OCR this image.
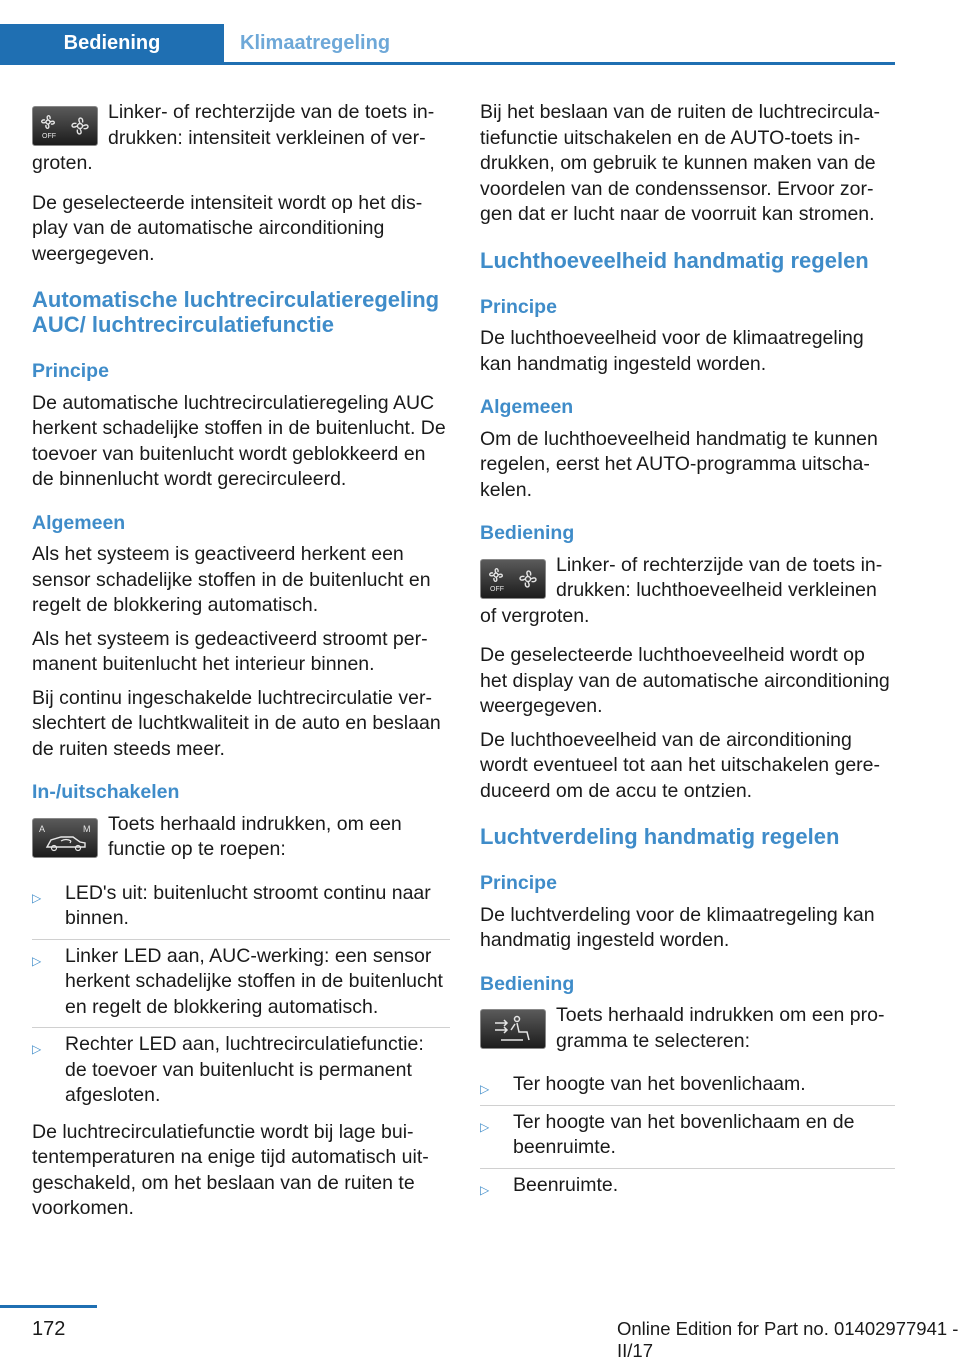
Bediening	Klimaatregeling
OFF

Linker- of rechterzijde van de toets indrukken: intensiteit verkleinen of vergroten.

De geselecteerde intensiteit wordt op het display van de automatische airconditioning weergegeven.

Automatische luchtrecirculatieregeling AUC/ luchtrecirculatiefunctie
Principe

De automatische luchtrecirculatieregeling AUC herkent schadelijke stoffen in de buitenlucht. De toevoer van buitenlucht wordt geblokkeerd en de binnenlucht wordt gerecirculeerd.

Algemeen

Als het systeem is geactiveerd herkent een sensor schadelijke stoffen in de buitenlucht en regelt de blokkering automatisch.

Als het systeem is gedeactiveerd stroomt permanent buitenlucht het interieur binnen.

Bij continu ingeschakelde luchtrecirculatie verslechtert de luchtkwaliteit in de auto en beslaan de ruiten steeds meer.

In-/uitschakelen
A	M Toets herhaald indrukken, om een functie op te roepen:

▷ LED's uit: buitenlucht stroomt continu naar binnen.
▷ Linker LED aan, AUC-werking: een sensor herkent schadelijke stoffen in de buitenlucht en regelt de blokkering automatisch.
▷ Rechter LED aan, luchtrecirculatiefunctie: de toevoer van buitenlucht is permanent afgesloten.

De luchtrecirculatiefunctie wordt bij lage buitentemperaturen na enige tijd automatisch uitgeschakeld, om het beslaan van de ruiten te voorkomen.

Bij het beslaan van de ruiten de luchtrecirculatiefunctie uitschakelen en de AUTO-toets indrukken, om gebruik te kunnen maken van de voordelen van de condenssensor. Ervoor zorgen dat er lucht naar de voorruit kan stromen.

Luchthoeveelheid handmatig regelen
Principe

De luchthoeveelheid voor de klimaatregeling kan handmatig ingesteld worden.

Algemeen

Om de luchthoeveelheid handmatig te kunnen regelen, eerst het AUTO-programma uitschakelen.

Bediening
OFF

Linker- of rechterzijde van de toets indrukken: luchthoeveelheid verkleinen of vergroten.

De geselecteerde luchthoeveelheid wordt op het display van de automatische airconditioning weergegeven.

De luchthoeveelheid van de airconditioning wordt eventueel tot aan het uitschakelen gereduceerd om de accu te ontzien.

Luchtverdeling handmatig regelen
Principe

De luchtverdeling voor de klimaatregeling kan handmatig ingesteld worden.

Bediening

Toets herhaald indrukken om een programma te selecteren:

▷ Ter hoogte van het bovenlichaam.
▷ Ter hoogte van het bovenlichaam en de beenruimte.
▷ Beenruimte.
172	Online Edition for Part no. 01402977941 - II/17
